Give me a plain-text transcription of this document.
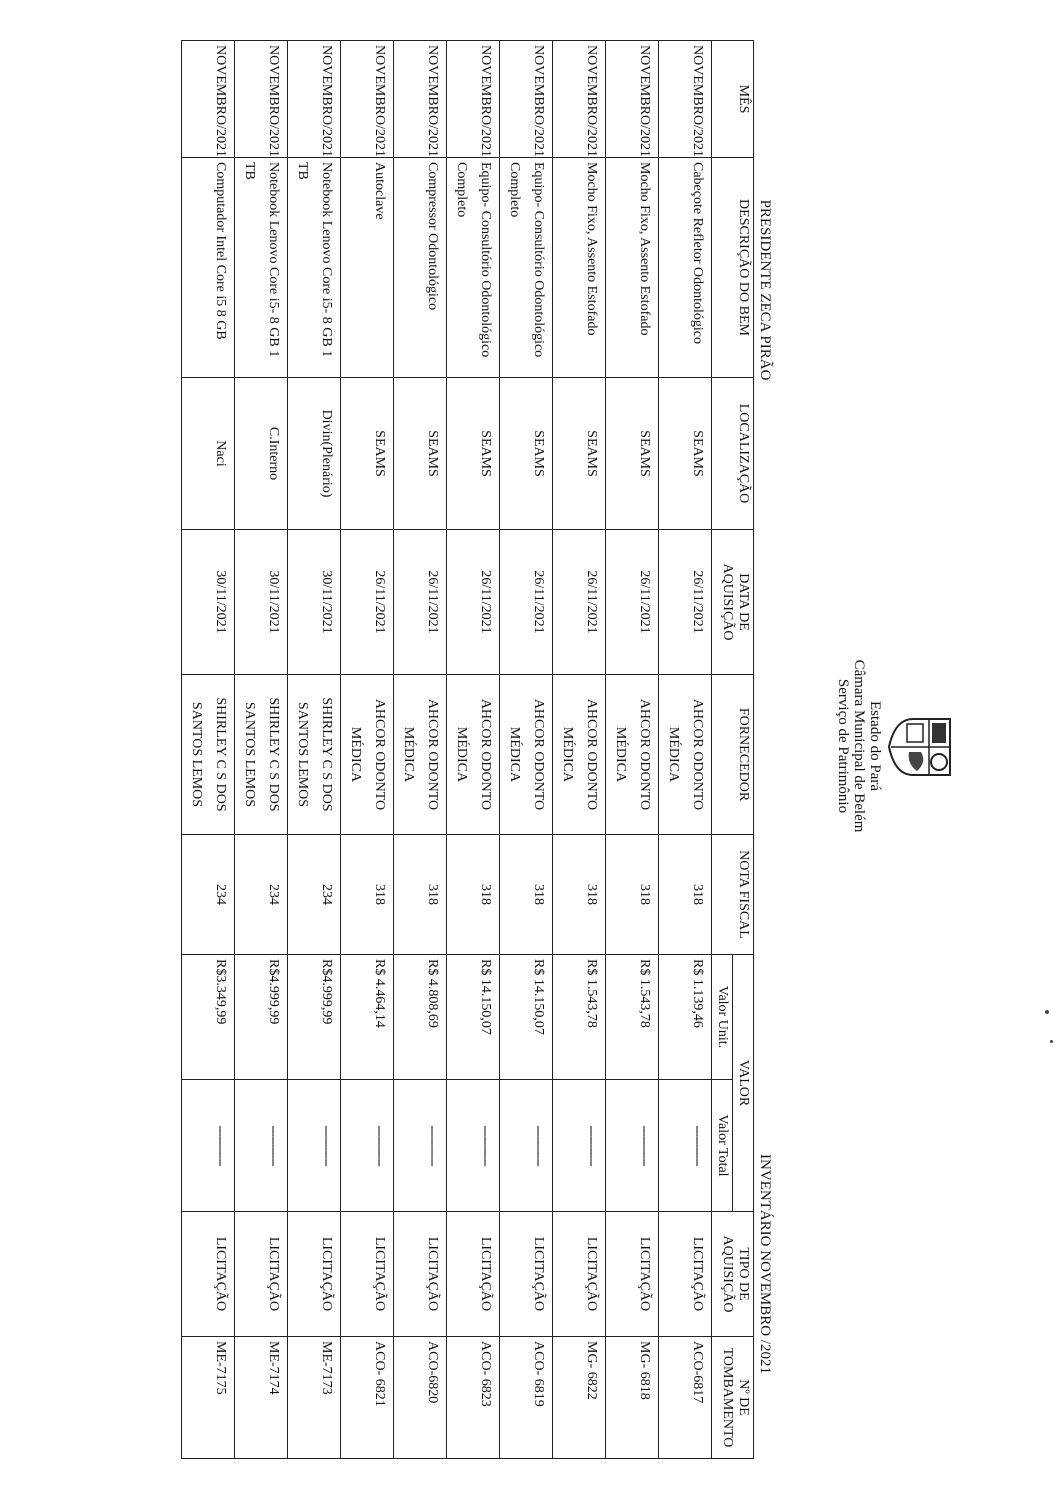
Estado do Pará
Câmara Municipal de Belém
Serviço de Patrimônio
PRESIDENTE ZECA PIRÃO
INVENTÁRIO NOVEMBRO /2021
MÊS	DESCRIÇÃO DO BEM	LOCALIZAÇÃO	DATA DE AQUISIÇÃO	FORNECEDOR	NOTA FISCAL	VALOR		TIPO DE AQUISIÇÃO	Nº DE TOMBAMENTO
						Valor Unit.	Valor Total		
NOVEMBRO/2021	Cabeçote Refletor Odontológico	SEAMS	26/11/2021	AHCOR ODONTO MÉDICA	318	R$ 1.139,46	-----------	LICITAÇÃO	ACO-6817
NOVEMBRO/2021	Mocho Fixo, Assento Estofado	SEAMS	26/11/2021	AHCOR ODONTO MÉDICA	318	R$ 1.543,78	-----------	LICITAÇÃO	MG- 6818
NOVEMBRO/2021	Mocho Fixo, Assento Estofado	SEAMS	26/11/2021	AHCOR ODONTO MÉDICA	318	R$ 1.543,78	-----------	LICITAÇÃO	MG- 6822
NOVEMBRO/2021	Equipo- Consultório Odontológico Completo	SEAMS	26/11/2021	AHCOR ODONTO MÉDICA	318	R$ 14.150,07	-----------	LICITAÇÃO	ACO- 6819
NOVEMBRO/2021	Equipo- Consultório Odontológico Completo	SEAMS	26/11/2021	AHCOR ODONTO MÉDICA	318	R$ 14.150,07	-----------	LICITAÇÃO	ACO- 6823
NOVEMBRO/2021	Compressor Odontológico	SEAMS	26/11/2021	AHCOR ODONTO MÉDICA	318	R$ 4.808,69	-----------	LICITAÇÃO	ACO-6820
NOVEMBRO/2021	Autoclave	SEAMS	26/11/2021	AHCOR ODONTO MÉDICA	318	R$ 4.464,14	-----------	LICITAÇÃO	ACO- 6821
NOVEMBRO/2021	Notebook Lenovo Core i5- 8 GB 1 TB	Divin(Plenário)	30/11/2021	SHIRLEY C S DOS SANTOS LEMOS	234	R$4.999,99	-----------	LICITAÇÃO	ME-7173
NOVEMBRO/2021	Notebook Lenovo Core i5- 8 GB 1 TB	C.Interno	30/11/2021	SHIRLEY C S DOS SANTOS LEMOS	234	R$4.999,99	-----------	LICITAÇÃO	ME-7174
NOVEMBRO/2021	Computador Intel Core i5 8 GB	Naci	30/11/2021	SHIRLEY C S DOS SANTOS LEMOS	234	R$3.349,99	-----------	LICITAÇÃO	ME-7175
